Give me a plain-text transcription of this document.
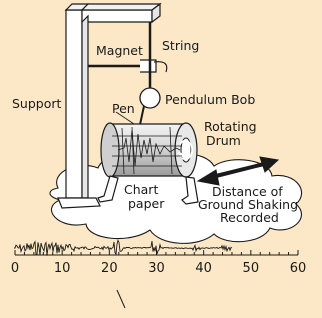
Magnet String
Support	Pen
Pendulum Bob
Rotating
Drum
Chart
paper
Distance of
Ground Shaking
Recorded
0	10 20 30 40 50 60
